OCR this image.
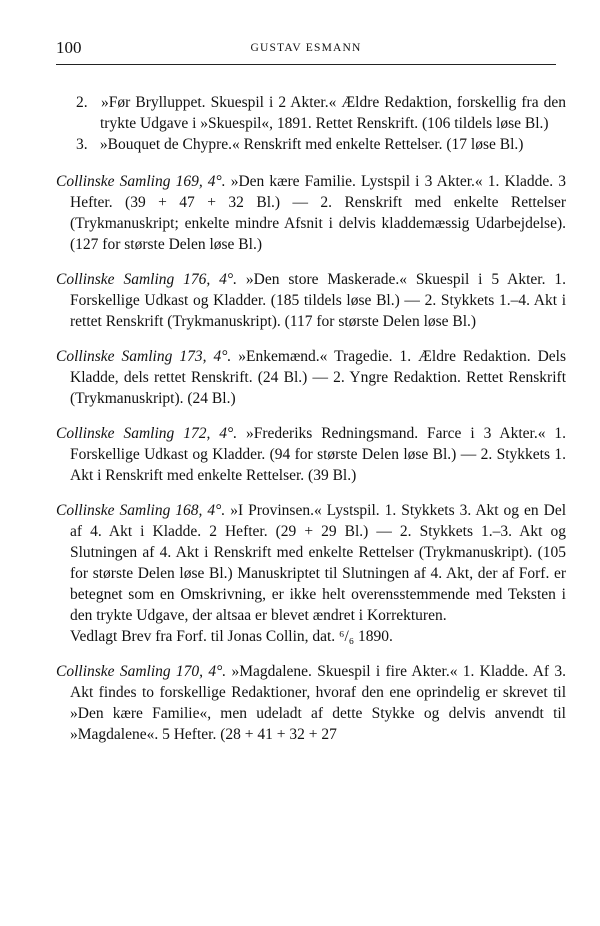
100	GUSTAV ESMANN

2. »Før Brylluppet. Skuespil i 2 Akter.« Ældre Redaktion, forskellig fra den trykte Udgave i »Skuespil«, 1891. Rettet Renskrift. (106 tildels løse Bl.)

3. »Bouquet de Chypre.« Renskrift med enkelte Rettelser. (17 løse Bl.)

Collinske Samling 169, 4°. »Den kære Familie. Lystspil i 3 Akter.« 1. Kladde. 3 Hefter. (39 + 47 + 32 Bl.) — 2. Renskrift med enkelte Rettelser (Trykmanuskript; enkelte mindre Afsnit i delvis kladdemæssig Udarbejdelse). (127 for største Delen løse Bl.)

Collinske Samling 176, 4°. »Den store Maskerade.« Skuespil i 5 Akter. 1. Forskellige Udkast og Kladder. (185 tildels løse Bl.) — 2. Stykkets 1.–4. Akt i rettet Renskrift (Trykmanuskript). (117 for største Delen løse Bl.)

Collinske Samling 173, 4°. »Enkemænd.« Tragedie. 1. Ældre Redaktion. Dels Kladde, dels rettet Renskrift. (24 Bl.) — 2. Yngre Redaktion. Rettet Renskrift (Trykmanuskript). (24 Bl.)

Collinske Samling 172, 4°. »Frederiks Redningsmand. Farce i 3 Akter.« 1. Forskellige Udkast og Kladder. (94 for største Delen løse Bl.) — 2. Stykkets 1. Akt i Renskrift med enkelte Rettelser. (39 Bl.)

Collinske Samling 168, 4°. »I Provinsen.« Lystspil. 1. Stykkets 3. Akt og en Del af 4. Akt i Kladde. 2 Hefter. (29 + 29 Bl.) — 2. Stykkets 1.–3. Akt og Slutningen af 4. Akt i Renskrift med enkelte Rettelser (Trykmanuskript). (105 for største Delen løse Bl.) Manuskriptet til Slutningen af 4. Akt, der af Forf. er betegnet som en Omskrivning, er ikke helt overensstemmende med Teksten i den trykte Udgave, der altsaa er blevet ændret i Korrekturen.

Vedlagt Brev fra Forf. til Jonas Collin, dat. ⁶/₆ 1890.

Collinske Samling 170, 4°. »Magdalene. Skuespil i fire Akter.« 1. Kladde. Af 3. Akt findes to forskellige Redaktioner, hvoraf den ene oprindelig er skrevet til »Den kære Familie«, men udeladt af dette Stykke og delvis anvendt til »Magdalene«. 5 Hefter. (28 + 41 + 32 + 27
